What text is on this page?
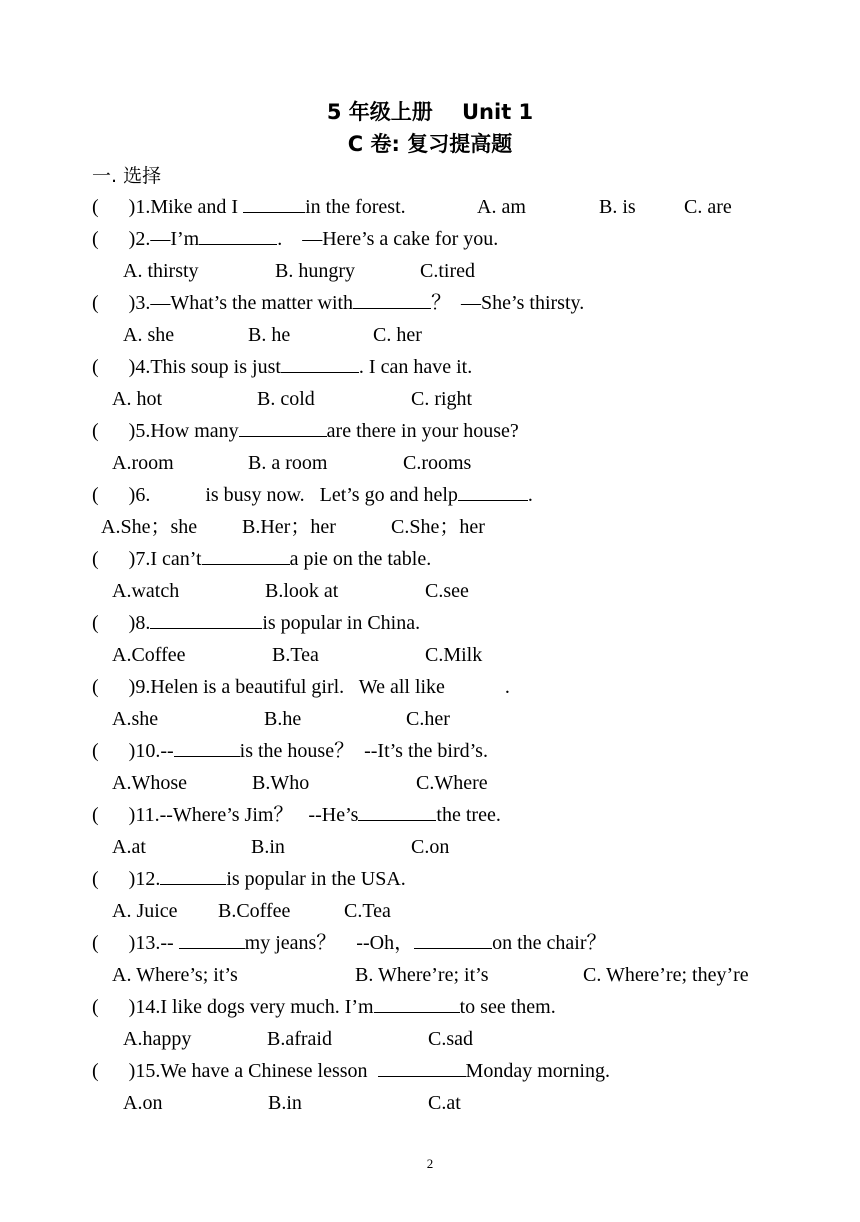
5 年级上册    Unit 1
C 卷: 复习提高题
一. 选择
(      )1.Mike and I	in the forest.	A. am	B. is C. are
(      )2.—I’m	.    —Here’s a cake for you.
A. thirsty	B. hungry	C.tired
(      )3.—What’s the matter with	？  —She’s thirsty.
A. she	B. he	C. her
(      )4.This soup is just	. I can have it.
A. hot	B. cold	C. right
(      )5.How many	are there in your house?
A.room	B. a room	C.rooms
(      )6.           is busy now.   Let’s go and help	.
A.She；she B.Her；her	C.She；her
(      )7.I can’t	a pie on the table.
A.watch	B.look at	C.see
(      )8.	is popular in China.
A.Coffee	B.Tea	C.Milk
(      )9.Helen is a beautiful girl.   We all like            .
A.she	B.he	C.her
(      )10.--	is the house？  --It’s the bird’s.
A.Whose	B.Who	C.Where
(      )11.--Where’s Jim？   --He’s	the tree.
A.at	B.in	C.on
(      )12.	is popular in the USA.
A. Juice B.Coffee	C.Tea
(      )13.--	my jeans？    --Oh，	on the chair？
A. Where’s; it’s	B. Where’re; it’s	C. Where’re; they’re
(      )14.I like dogs very much. I’m	to see them.
A.happy	B.afraid	C.sad
(      )15.We have a Chinese lesson	Monday morning.
A.on	B.in	C.at
2
